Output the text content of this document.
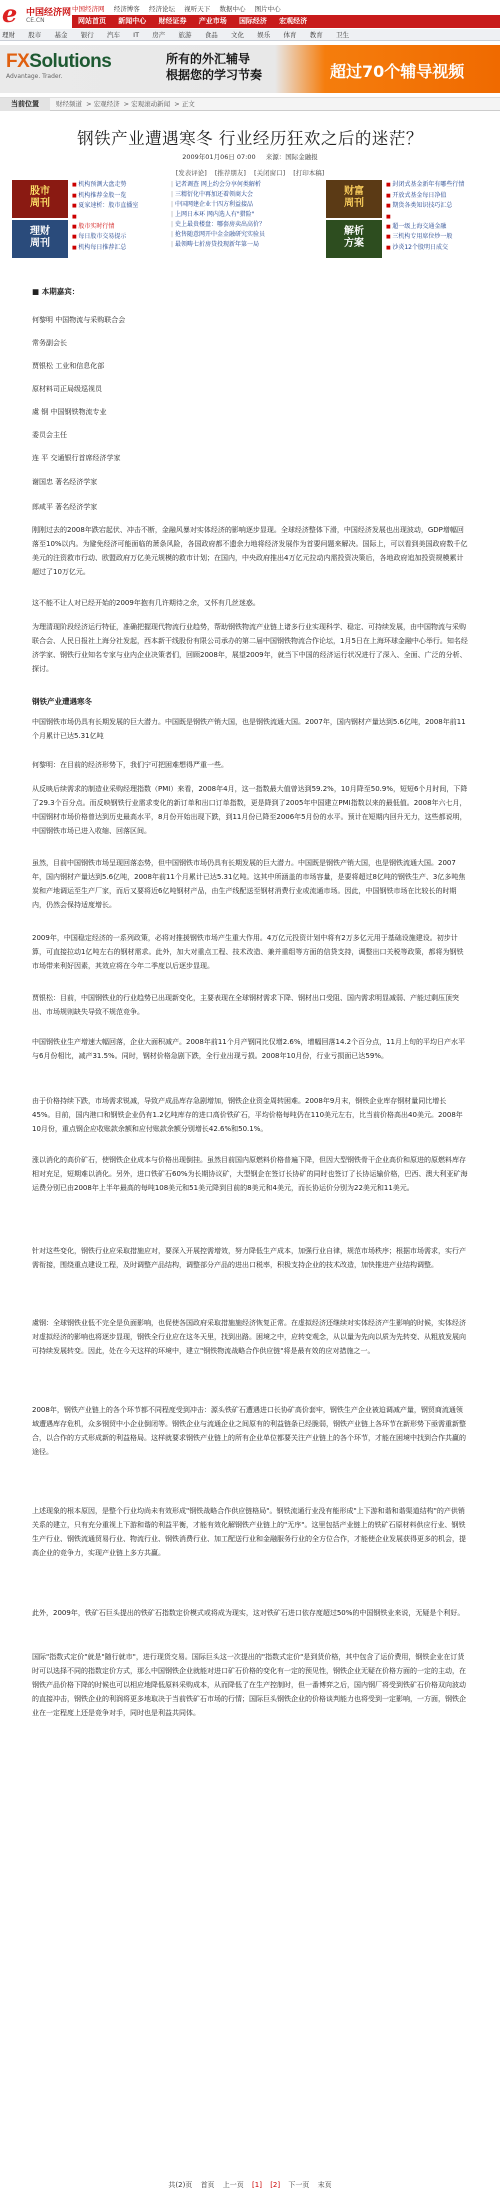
e 中国经济网
CE.CN
中国经济网 经济博客 经济论坛 视听天下 数据中心 图片中心
网站首页 新闻中心 财经证券 产业市场 国际经济 宏观经济
理财 股市 基金 银行 汽车 IT 房产 旅游 食品 文化 娱乐 体育 教育 卫生
FXSolutions
Advantage. Trader.
所有的外汇辅导
根据您的学习节奏	超过70个辅导视频
当前位置	财经频道 > 宏观经济 > 宏观滚动新闻 > 正文
钢铁产业遭遇寒冬 行业经历狂欢之后的迷茫？
2009年01月06日 07:00 来源：国际金融报
[发表评论] [推荐朋友] [关闭窗口] [打印本稿]
股市
周刊
理财
周刊
■ 机构预测大盘走势
■ 机构推荐金股一览
■ 夏家速析：股市直播室
■
■ 股市实时行情
■ 每日股市交易提示
■ 机构每日推荐汇总
| 记者调查 网上约会分享何类解析
| 三精衍化中再加还着领商大会
| 中国网建企业十四方利益接品
| 上网日本环 网内选人有"猎险"
| 史上最贵楼盘：哪套房卖出高价？
| 抢售随意网开中金金融研究实验员
| 最领畴七折房贷投现新年第一局
财富
周刊
解析
方案
■ 封闭式基金新年有哪些行情
■ 开放式基金每日净值
■ 期货各类知识技巧汇总
■
■ 超一级上海交通金融
■ 三机构专用席位炒一般
■ 沙炎12个股明日成交
■ 本期嘉宾：
何黎明 中国物流与采购联合会
常务副会长
贾银松 工业和信息化部
原材料司正局级巡视员
虞 钢 中国钢铁物流专业
委员会主任
连 平 交通银行首席经济学家
谢国忠 著名经济学家
郎咸平 著名经济学家
刚刚过去的2008年跌宕起伏、冲击不断，金融风暴对实体经济的影响逐步显现。全球经济整体下滑，中国经济发展也出现波动，GDP增幅回落至10%以内。为避免经济可能面临的萧条风险，各国政府都不遗余力地将经济发展作为首要问题来解决。国际上，可以看到美国政府数千亿美元的注资救市行动、欧盟政府万亿美元规模的救市计划；在国内，中央政府推出4万亿元拉动内需投资决策后，各地政府追加投资规模累计超过了10万亿元。
这不能不让人对已经开始的2009年抱有几许期待之余，又怀有几丝迷惑。
为理清现阶段经济运行特征，准确把握现代物流行业趋势，帮助钢铁物流产业链上诸多行业实现科学、稳定、可持续发展，由中国物流与采购联合会、人民日报社上海分社发起，西本新干线股份有限公司承办的第二届中国钢铁物流合作论坛，1月5日在上海环球金融中心举行。知名经济学家、钢铁行业知名专家与业内企业决策者们，回顾2008年，展望2009年，就当下中国的经济运行状况进行了深入、全面、广泛的分析、探讨。
钢铁产业遭遇寒冬
中国钢铁市场仍具有长期发展的巨大潜力。中国既是钢铁产销大国，也是钢铁流通大国。2007年，国内钢材产量达到5.6亿吨，2008年前11个月累计已达5.31亿吨
何黎明：在目前的经济形势下，我们宁可把困难想得严重一些。
从反映后续需求的制造业采购经理指数（PMI）来看，2008年4月，这一指数最大值曾达到59.2%，10月降至50.9%，短短6个月时间，下降了29.3个百分点。而反映钢铁行业需求变化的新订单和出口订单指数，更是降到了2005年中国建立PMI指数以来的最低值。2008年六七月，中国钢材市场价格曾达到历史最高水平，8月份开始出现下跌，到11月份已降至2006年5月份的水平。预计在短期内回升无力，这些都说明，中国钢铁市场已进入收缩、回落区间。
虽然，目前中国钢铁市场呈现回落态势，但中国钢铁市场仍具有长期发展的巨大潜力。中国既是钢铁产销大国，也是钢铁流通大国。2007年，国内钢材产量达到5.6亿吨，2008年前11个月累计已达5.31亿吨。这其中所涵盖的市场容量，是要将超过8亿吨的钢铁生产、3亿多吨焦炭和产地调运至生产厂家，而后又要将近6亿吨钢材产品，由生产线配送至钢材消费行业或流通市场。因此，中国钢铁市场在比较长的时期内，仍然会保持适度增长。
2009年，中国稳定经济的一系列政策，必将对推援钢铁市场产生重大作用。4万亿元投资计划中将有2万多亿元用于基础设施建设。初步计算，可直接拉动1亿吨左右的钢材需求。此外，加大对重点工程、技术改造、兼并重组等方面的信贷支持，调整出口关税等政策，都将为钢铁市场带来利好因素，其效应将在今年二季度以后逐步显现。
贾银松：目前，中国钢铁业的行业趋势已出现新变化，主要表现在全球钢材需求下降、钢材出口受阻、国内需求明显减弱、产能过剩压顶突出、市场规则缺失导致不规范竞争。
中国钢铁业生产增速大幅回落，企业大面积减产。2008年前11个月产钢同比仅增2.6%，增幅回落14.2个百分点，11月上旬的平均日产水平与6月份相比，减产31.5%。同时，钢材价格急剧下跌，全行业出现亏损。2008年10月份，行业亏损面已达59%。
由于价格持续下跌，市场需求锐减，导致产成品库存急剧增加，钢铁企业资金周转困难。2008年9月末，钢铁企业库存钢材量同比增长45%。目前，国内港口和钢铁企业仍有1.2亿吨库存的进口高价铁矿石，平均价格每吨仍在110美元左右，比当前价格高出40美元。2008年10月份，重点钢企应收账款余额和应付账款余额分别增长42.6%和50.1%。
涨以消化的高价矿石，使钢铁企业成本与价格出现倒挂。虽然目前国内原燃料价格普遍下降，但因大型钢铁骨干企业高价和原进的原燃料库存相对充足，短期难以消化。另外，进口铁矿石60%为长期协议矿，大型钢企在签订长协矿的同时也签订了长协运输价格，巴西、澳大利亚矿海运费分别已由2008年上半年最高的每吨108美元和51美元降到目前的8美元和4美元，而长协运价分别为22美元和11美元。
针对这些变化，钢铁行业应采取措施应对，要深入开展控需增效，努力降低生产成本，加强行业自律，规范市场秩序；根据市场需求，实行产需衔接，围绕重点建设工程，及时调整产品结构，调整部分产品的进出口税率，积极支持企业的技术改造，加快推进产业结构调整。
虞钢：全球钢铁业低不完全是负面影响，也促使各国政府采取措施施经济恢复正常。在虚拟经济还继续对实体经济产生影响的时候，实体经济对虚拟经济的影响也将逐步显现，钢铁全行业应在这冬天里，找到出路。困境之中，应转变观念，从以量为先向以质为先转变、从粗放发展向可持续发展转变。因此，处在今天这样的环境中，建立"钢铁物流战略合作供应链"将是最有效的应对措施之一。
2008年，钢铁产业链上的各个环节都不同程度受到冲击：源头铁矿石遭遇进口长协矿高价套牢，钢铁生产企业被迫调减产量，钢贸商流通领域遭遇库存危机，众多钢贸中小企业倒闭等。钢铁企业与流通企业之间原有的利益链条已经脆弱，钢铁产业链上各环节在新形势下亟需重新整合，以合作的方式形成新的利益格局。这样就要求钢铁产业链上的所有企业单位都要关注产业链上的各个环节，才能在困境中找到合作共赢的途径。
上述现象的根本原因，是整个行业均尚未有效形成"钢铁战略合作供应链格局"。钢铁流通行业没有能形成"上下游和谐和谐渠道结构"的产供销关系的建立，只有充分重视上下游和谐的利益平衡，才能有效化解钢铁产业链上的"无序"。这里包括产业链上的铁矿石原材料供应行业、钢铁生产行业、钢铁流通贸易行业、物流行业、钢铁消费行业、加工配送行业和金融服务行业的全方位合作，才能使企业发展获得更多的机会，提高企业的竞争力，实现产业链上多方共赢。
此外，2009年，铁矿石巨头提出的铁矿石指数定价模式或将成为现实，这对铁矿石进口依存度超过50%的中国钢铁业来说，无疑是个利好。
国际"指数式定价"就是"随行就市"，进行现货交易。国际巨头这一次提出的"指数式定价"是到货价格，其中包含了运价费用，钢铁企业在订货时可以选择不同的指数定价方式，那么中国钢铁企业就能对进口矿石价格的变化有一定的预见性，钢铁企业无疑在价格方面的一定的主动，在钢铁产品价格下降的时候也可以相应地降低原料采购成本，从而降低了在生产控制时，但一番博弈之后，国内钢厂将受到铁矿石价格双向波动的直接冲击，钢铁企业的利润将更多地取决于当前铁矿石市场的行情；国际巨头钢铁企业的价格谈判能力也将受到一定影响，一方面，钢铁企业在一定程度上还是竞争对手，同时也是利益共同体。
共(2)页 首页 上一页 [1] [2] 下一页 末页
